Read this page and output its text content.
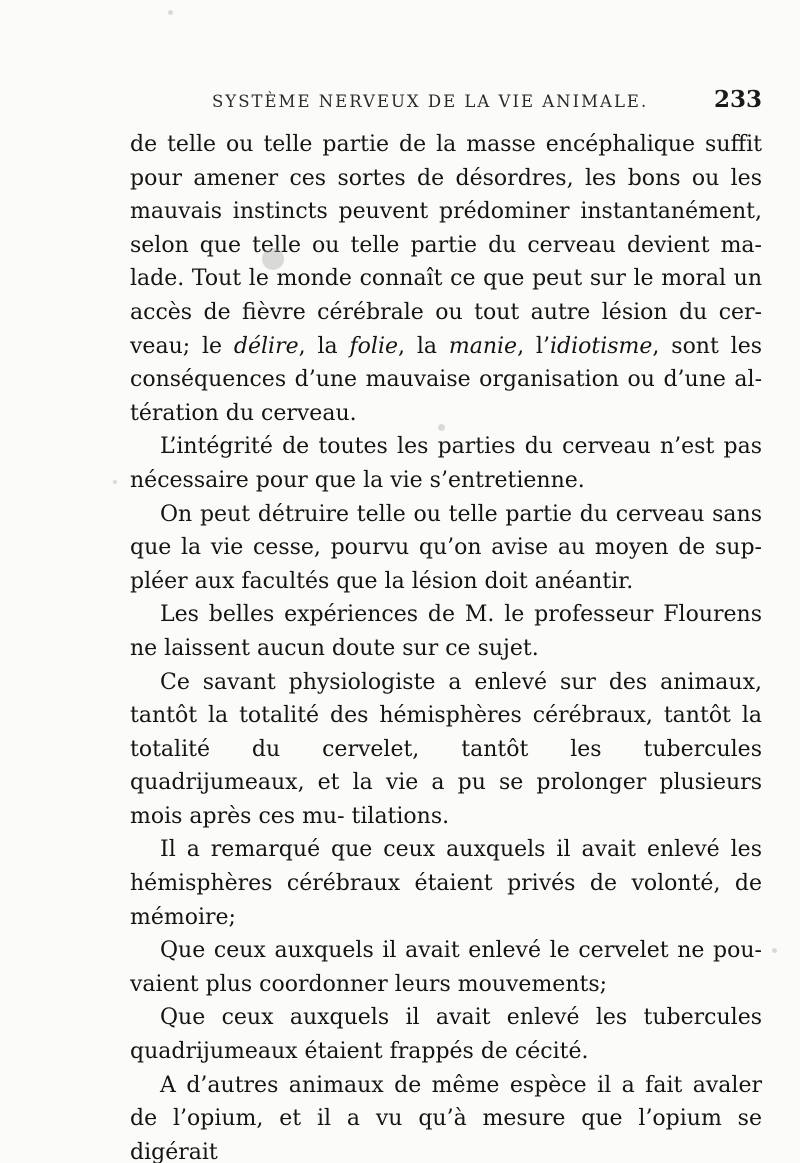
SYSTÈME NERVEUX DE LA VIE ANIMALE.	233

de telle ou telle partie de la masse encéphalique suffit pour amener ces sortes de désordres, les bons ou les mauvais instincts peuvent prédominer instantanément, selon que telle ou telle partie du cerveau devient ma- lade. Tout le monde connaît ce que peut sur le moral un accès de fièvre cérébrale ou tout autre lésion du cer- veau; le délire, la folie, la manie, l’idiotisme, sont les conséquences d’une mauvaise organisation ou d’une al- tération du cerveau.

L’intégrité de toutes les parties du cerveau n’est pas nécessaire pour que la vie s’entretienne.

On peut détruire telle ou telle partie du cerveau sans que la vie cesse, pourvu qu’on avise au moyen de sup- pléer aux facultés que la lésion doit anéantir.

Les belles expériences de M. le professeur Flourens ne laissent aucun doute sur ce sujet.

Ce savant physiologiste a enlevé sur des animaux, tantôt la totalité des hémisphères cérébraux, tantôt la totalité du cervelet, tantôt les tubercules quadrijumeaux, et la vie a pu se prolonger plusieurs mois après ces mu- tilations.

Il a remarqué que ceux auxquels il avait enlevé les hémisphères cérébraux étaient privés de volonté, de mémoire;

Que ceux auxquels il avait enlevé le cervelet ne pou- vaient plus coordonner leurs mouvements;

Que ceux auxquels il avait enlevé les tubercules quadrijumeaux étaient frappés de cécité.

A d’autres animaux de même espèce il a fait avaler de l’opium, et il a vu qu’à mesure que l’opium se digérait
